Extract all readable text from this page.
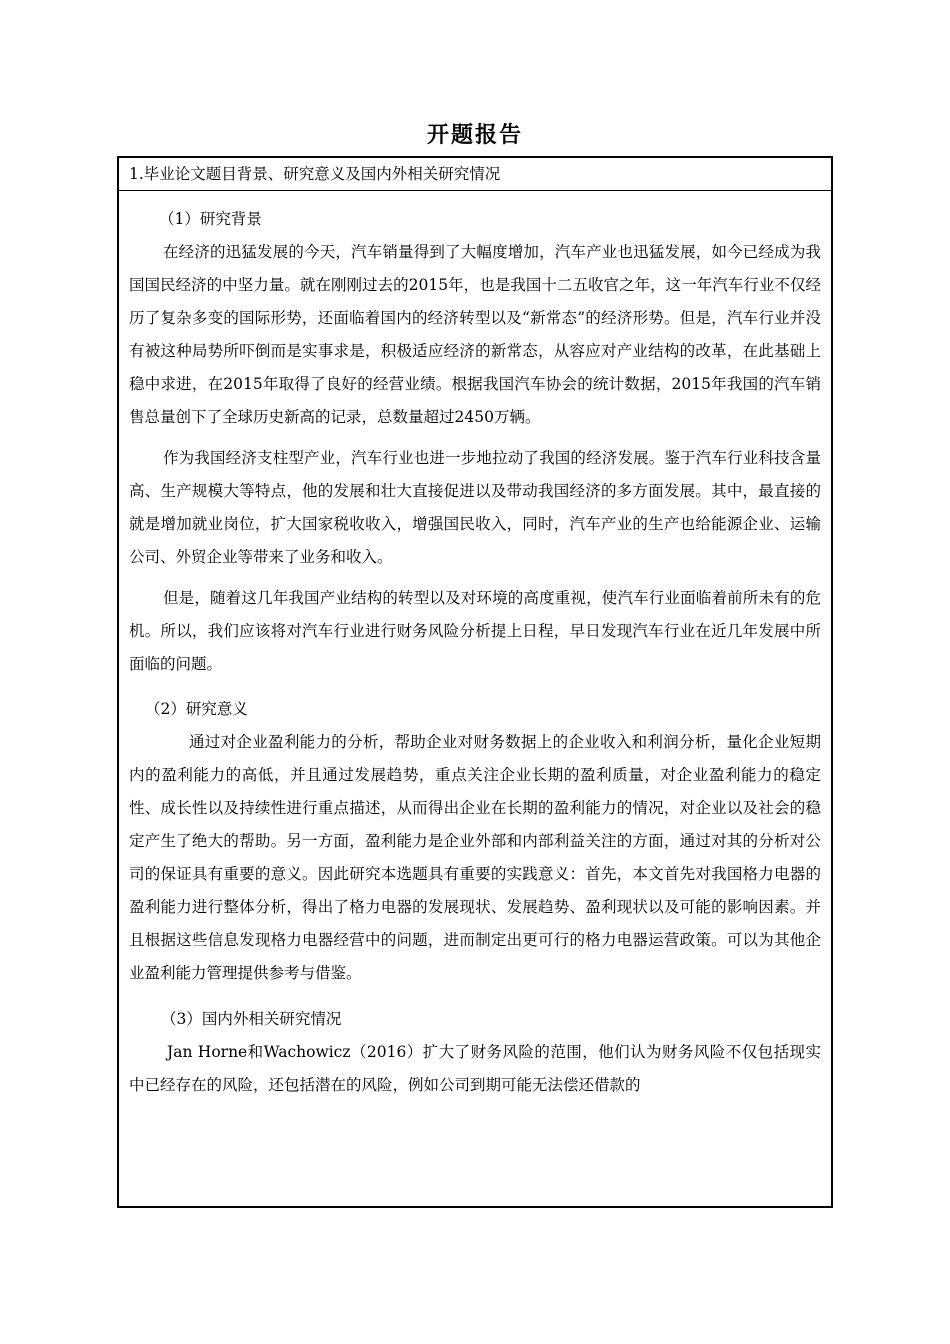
开题报告
1.毕业论文题目背景、研究意义及国内外相关研究情况

（1）研究背景

在经济的迅猛发展的今天，汽车销量得到了大幅度增加，汽车产业也迅猛发展，如今已经成为我国国民经济的中坚力量。就在刚刚过去的2015年，也是我国十二五收官之年，这一年汽车行业不仅经历了复杂多变的国际形势，还面临着国内的经济转型以及“新常态”的经济形势。但是，汽车行业并没有被这种局势所吓倒而是实事求是，积极适应经济的新常态，从容应对产业结构的改革，在此基础上稳中求进，在2015年取得了良好的经营业绩。根据我国汽车协会的统计数据，2015年我国的汽车销售总量创下了全球历史新高的记录，总数量超过2450万辆。

作为我国经济支柱型产业，汽车行业也进一步地拉动了我国的经济发展。鉴于汽车行业科技含量高、生产规模大等特点，他的发展和壮大直接促进以及带动我国经济的多方面发展。其中，最直接的就是增加就业岗位，扩大国家税收收入，增强国民收入，同时，汽车产业的生产也给能源企业、运输公司、外贸企业等带来了业务和收入。

但是，随着这几年我国产业结构的转型以及对环境的高度重视，使汽车行业面临着前所未有的危机。所以，我们应该将对汽车行业进行财务风险分析提上日程，早日发现汽车行业在近几年发展中所面临的问题。

（2）研究意义

通过对企业盈利能力的分析，帮助企业对财务数据上的企业收入和利润分析，量化企业短期内的盈利能力的高低，并且通过发展趋势，重点关注企业长期的盈利质量，对企业盈利能力的稳定性、成长性以及持续性进行重点描述，从而得出企业在长期的盈利能力的情况，对企业以及社会的稳定产生了绝大的帮助。另一方面，盈利能力是企业外部和内部利益关注的方面，通过对其的分析对公司的保证具有重要的意义。因此研究本选题具有重要的实践意义：首先，本文首先对我国格力电器的盈利能力进行整体分析，得出了格力电器的发展现状、发展趋势、盈利现状以及可能的影响因素。并且根据这些信息发现格力电器经营中的问题，进而制定出更可行的格力电器运营政策。可以为其他企业盈利能力管理提供参考与借鉴。

（3）国内外相关研究情况

Jan Horne和Wachowicz（2016）扩大了财务风险的范围，他们认为财务风险不仅包括现实中已经存在的风险，还包括潜在的风险，例如公司到期可能无法偿还借款的
